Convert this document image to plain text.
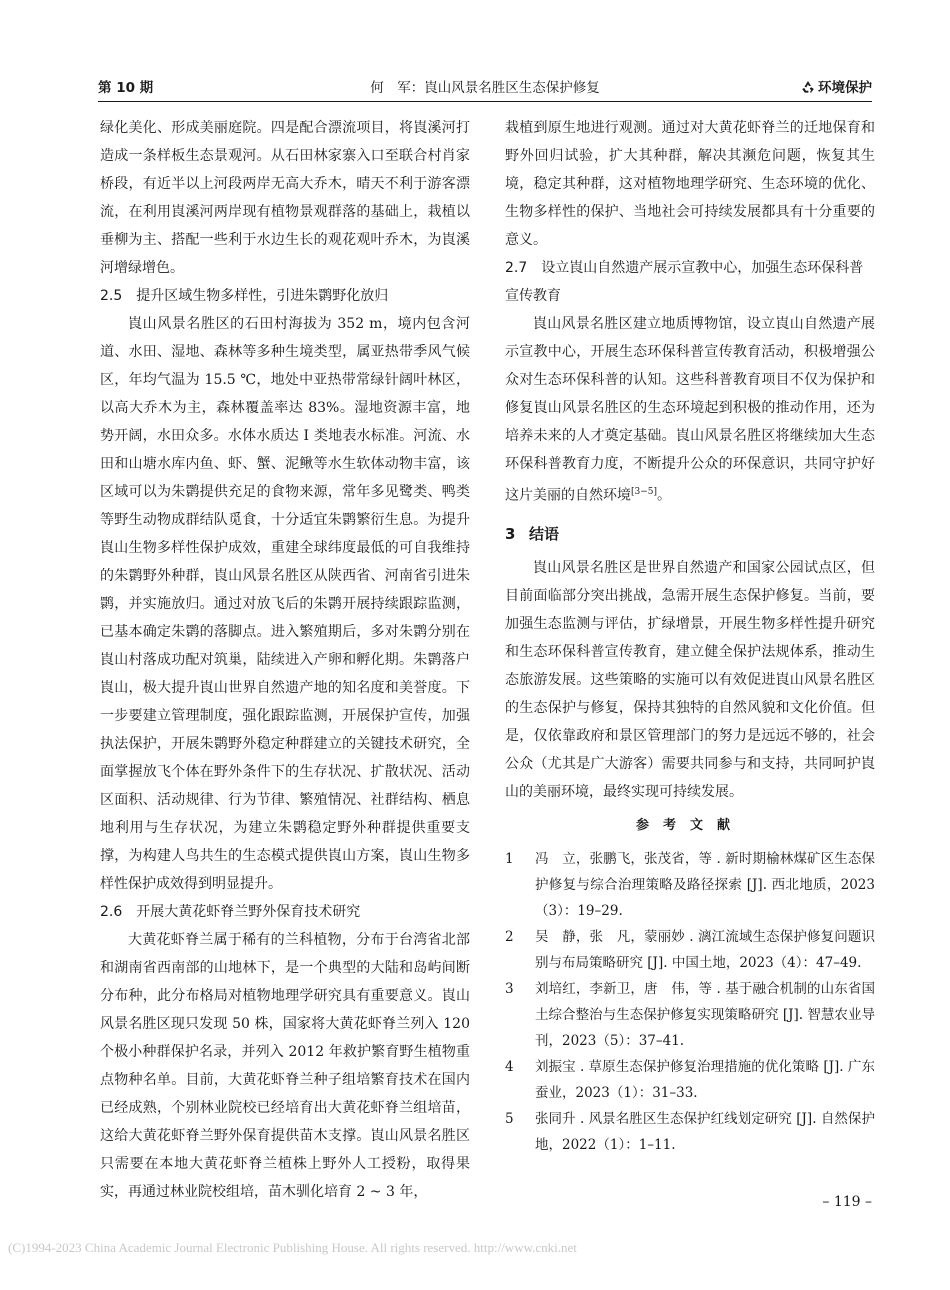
第 10 期	何　军：崀山风景名胜区生态保护修复	环境保护

绿化美化、形成美丽庭院。四是配合漂流项目，将崀溪河打造成一条样板生态景观河。从石田林家寨入口至联合村肖家桥段，有近半以上河段两岸无高大乔木，晴天不利于游客漂流，在利用崀溪河两岸现有植物景观群落的基础上，栽植以垂柳为主、搭配一些利于水边生长的观花观叶乔木，为崀溪河增绿增色。

2.5　提升区域生物多样性，引进朱鹮野化放归

崀山风景名胜区的石田村海拔为 352 m，境内包含河道、水田、湿地、森林等多种生境类型，属亚热带季风气候区，年均气温为 15.5 ℃，地处中亚热带常绿针阔叶林区，以高大乔木为主，森林覆盖率达 83%。湿地资源丰富，地势开阔，水田众多。水体水质达 Ⅰ 类地表水标准。河流、水田和山塘水库内鱼、虾、蟹、泥鳅等水生软体动物丰富，该区域可以为朱鹮提供充足的食物来源，常年多见鹭类、鸭类等野生动物成群结队觅食，十分适宜朱鹮繁衍生息。为提升崀山生物多样性保护成效，重建全球纬度最低的可自我维持的朱鹮野外种群，崀山风景名胜区从陕西省、河南省引进朱鹮，并实施放归。通过对放飞后的朱鹮开展持续跟踪监测，已基本确定朱鹮的落脚点。进入繁殖期后，多对朱鹮分别在崀山村落成功配对筑巢，陆续进入产卵和孵化期。朱鹮落户崀山，极大提升崀山世界自然遗产地的知名度和美誉度。下一步要建立管理制度，强化跟踪监测，开展保护宣传，加强执法保护，开展朱鹮野外稳定种群建立的关键技术研究，全面掌握放飞个体在野外条件下的生存状况、扩散状况、活动区面积、活动规律、行为节律、繁殖情况、社群结构、栖息地利用与生存状况，为建立朱鹮稳定野外种群提供重要支撑，为构建人鸟共生的生态模式提供崀山方案，崀山生物多样性保护成效得到明显提升。

2.6　开展大黄花虾脊兰野外保育技术研究

大黄花虾脊兰属于稀有的兰科植物，分布于台湾省北部和湖南省西南部的山地林下，是一个典型的大陆和岛屿间断分布种，此分布格局对植物地理学研究具有重要意义。崀山风景名胜区现只发现 50 株，国家将大黄花虾脊兰列入 120 个极小种群保护名录，并列入 2012 年救护繁育野生植物重点物种名单。目前，大黄花虾脊兰种子组培繁育技术在国内已经成熟，个别林业院校已经培育出大黄花虾脊兰组培苗，这给大黄花虾脊兰野外保育提供苗木支撑。崀山风景名胜区只需要在本地大黄花虾脊兰植株上野外人工授粉，取得果实，再通过林业院校组培，苗木驯化培育 2 ~ 3 年，

栽植到原生地进行观测。通过对大黄花虾脊兰的迁地保育和野外回归试验，扩大其种群，解决其濒危问题，恢复其生境，稳定其种群，这对植物地理学研究、生态环境的优化、生物多样性的保护、当地社会可持续发展都具有十分重要的意义。

2.7　设立崀山自然遗产展示宣教中心，加强生态环保科普宣传教育

崀山风景名胜区建立地质博物馆，设立崀山自然遗产展示宣教中心，开展生态环保科普宣传教育活动，积极增强公众对生态环保科普的认知。这些科普教育项目不仅为保护和修复崀山风景名胜区的生态环境起到积极的推动作用，还为培养未来的人才奠定基础。崀山风景名胜区将继续加大生态环保科普教育力度，不断提升公众的环保意识，共同守护好这片美丽的自然环境[3−5]。

3 结语

崀山风景名胜区是世界自然遗产和国家公园试点区，但目前面临部分突出挑战，急需开展生态保护修复。当前，要加强生态监测与评估，扩绿增景，开展生物多样性提升研究和生态环保科普宣传教育，建立健全保护法规体系，推动生态旅游发展。这些策略的实施可以有效促进崀山风景名胜区的生态保护与修复，保持其独特的自然风貌和文化价值。但是，仅依靠政府和景区管理部门的努力是远远不够的，社会公众（尤其是广大游客）需要共同参与和支持，共同呵护崀山的美丽环境，最终实现可持续发展。

参考文献
1 冯　立，张鹏飞，张茂省，等 . 新时期榆林煤矿区生态保护修复与综合治理策略及路径探索 [J]. 西北地质，2023（3）：19–29.
2 吴　静，张　凡，蒙丽妙 . 漓江流域生态保护修复问题识别与布局策略研究 [J]. 中国土地，2023（4）：47–49.
3 刘培红，李新卫，唐　伟，等 . 基于融合机制的山东省国土综合整治与生态保护修复实现策略研究 [J]. 智慧农业导刊，2023（5）：37–41.
4 刘振宝 . 草原生态保护修复治理措施的优化策略 [J]. 广东蚕业，2023（1）：31–33.
5 张同升 . 风景名胜区生态保护红线划定研究 [J]. 自然保护地，2022（1）：1–11.
– 119 –
(C)1994-2023 China Academic Journal Electronic Publishing House. All rights reserved. http://www.cnki.net
